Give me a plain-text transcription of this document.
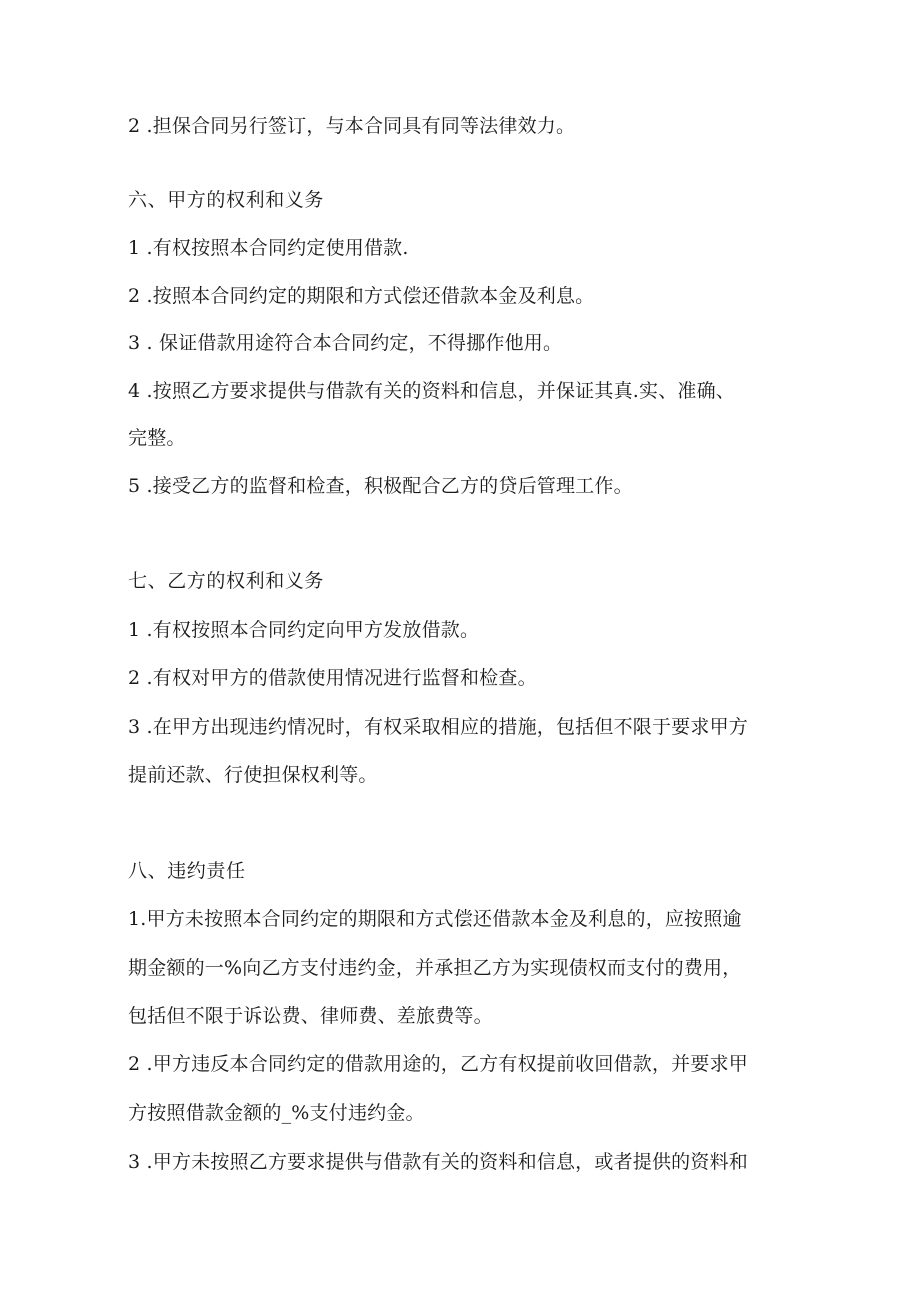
2 .担保合同另行签订，与本合同具有同等法律效力。
六、甲方的权利和义务
1 .有权按照本合同约定使用借款.
2 .按照本合同约定的期限和方式偿还借款本金及利息。
3 . 保证借款用途符合本合同约定，不得挪作他用。
4 .按照乙方要求提供与借款有关的资料和信息，并保证其真.实、准确、
完整。
5 .接受乙方的监督和检查，积极配合乙方的贷后管理工作。
七、乙方的权利和义务
1 .有权按照本合同约定向甲方发放借款。
2 .有权对甲方的借款使用情况进行监督和检查。
3 .在甲方出现违约情况时，有权采取相应的措施，包括但不限于要求甲方
提前还款、行使担保权利等。
八、违约责任
1.甲方未按照本合同约定的期限和方式偿还借款本金及利息的，应按照逾
期金额的一%向乙方支付违约金，并承担乙方为实现债权而支付的费用，
包括但不限于诉讼费、律师费、差旅费等。
2 .甲方违反本合同约定的借款用途的，乙方有权提前收回借款，并要求甲
方按照借款金额的_%支付违约金。
3 .甲方未按照乙方要求提供与借款有关的资料和信息，或者提供的资料和
